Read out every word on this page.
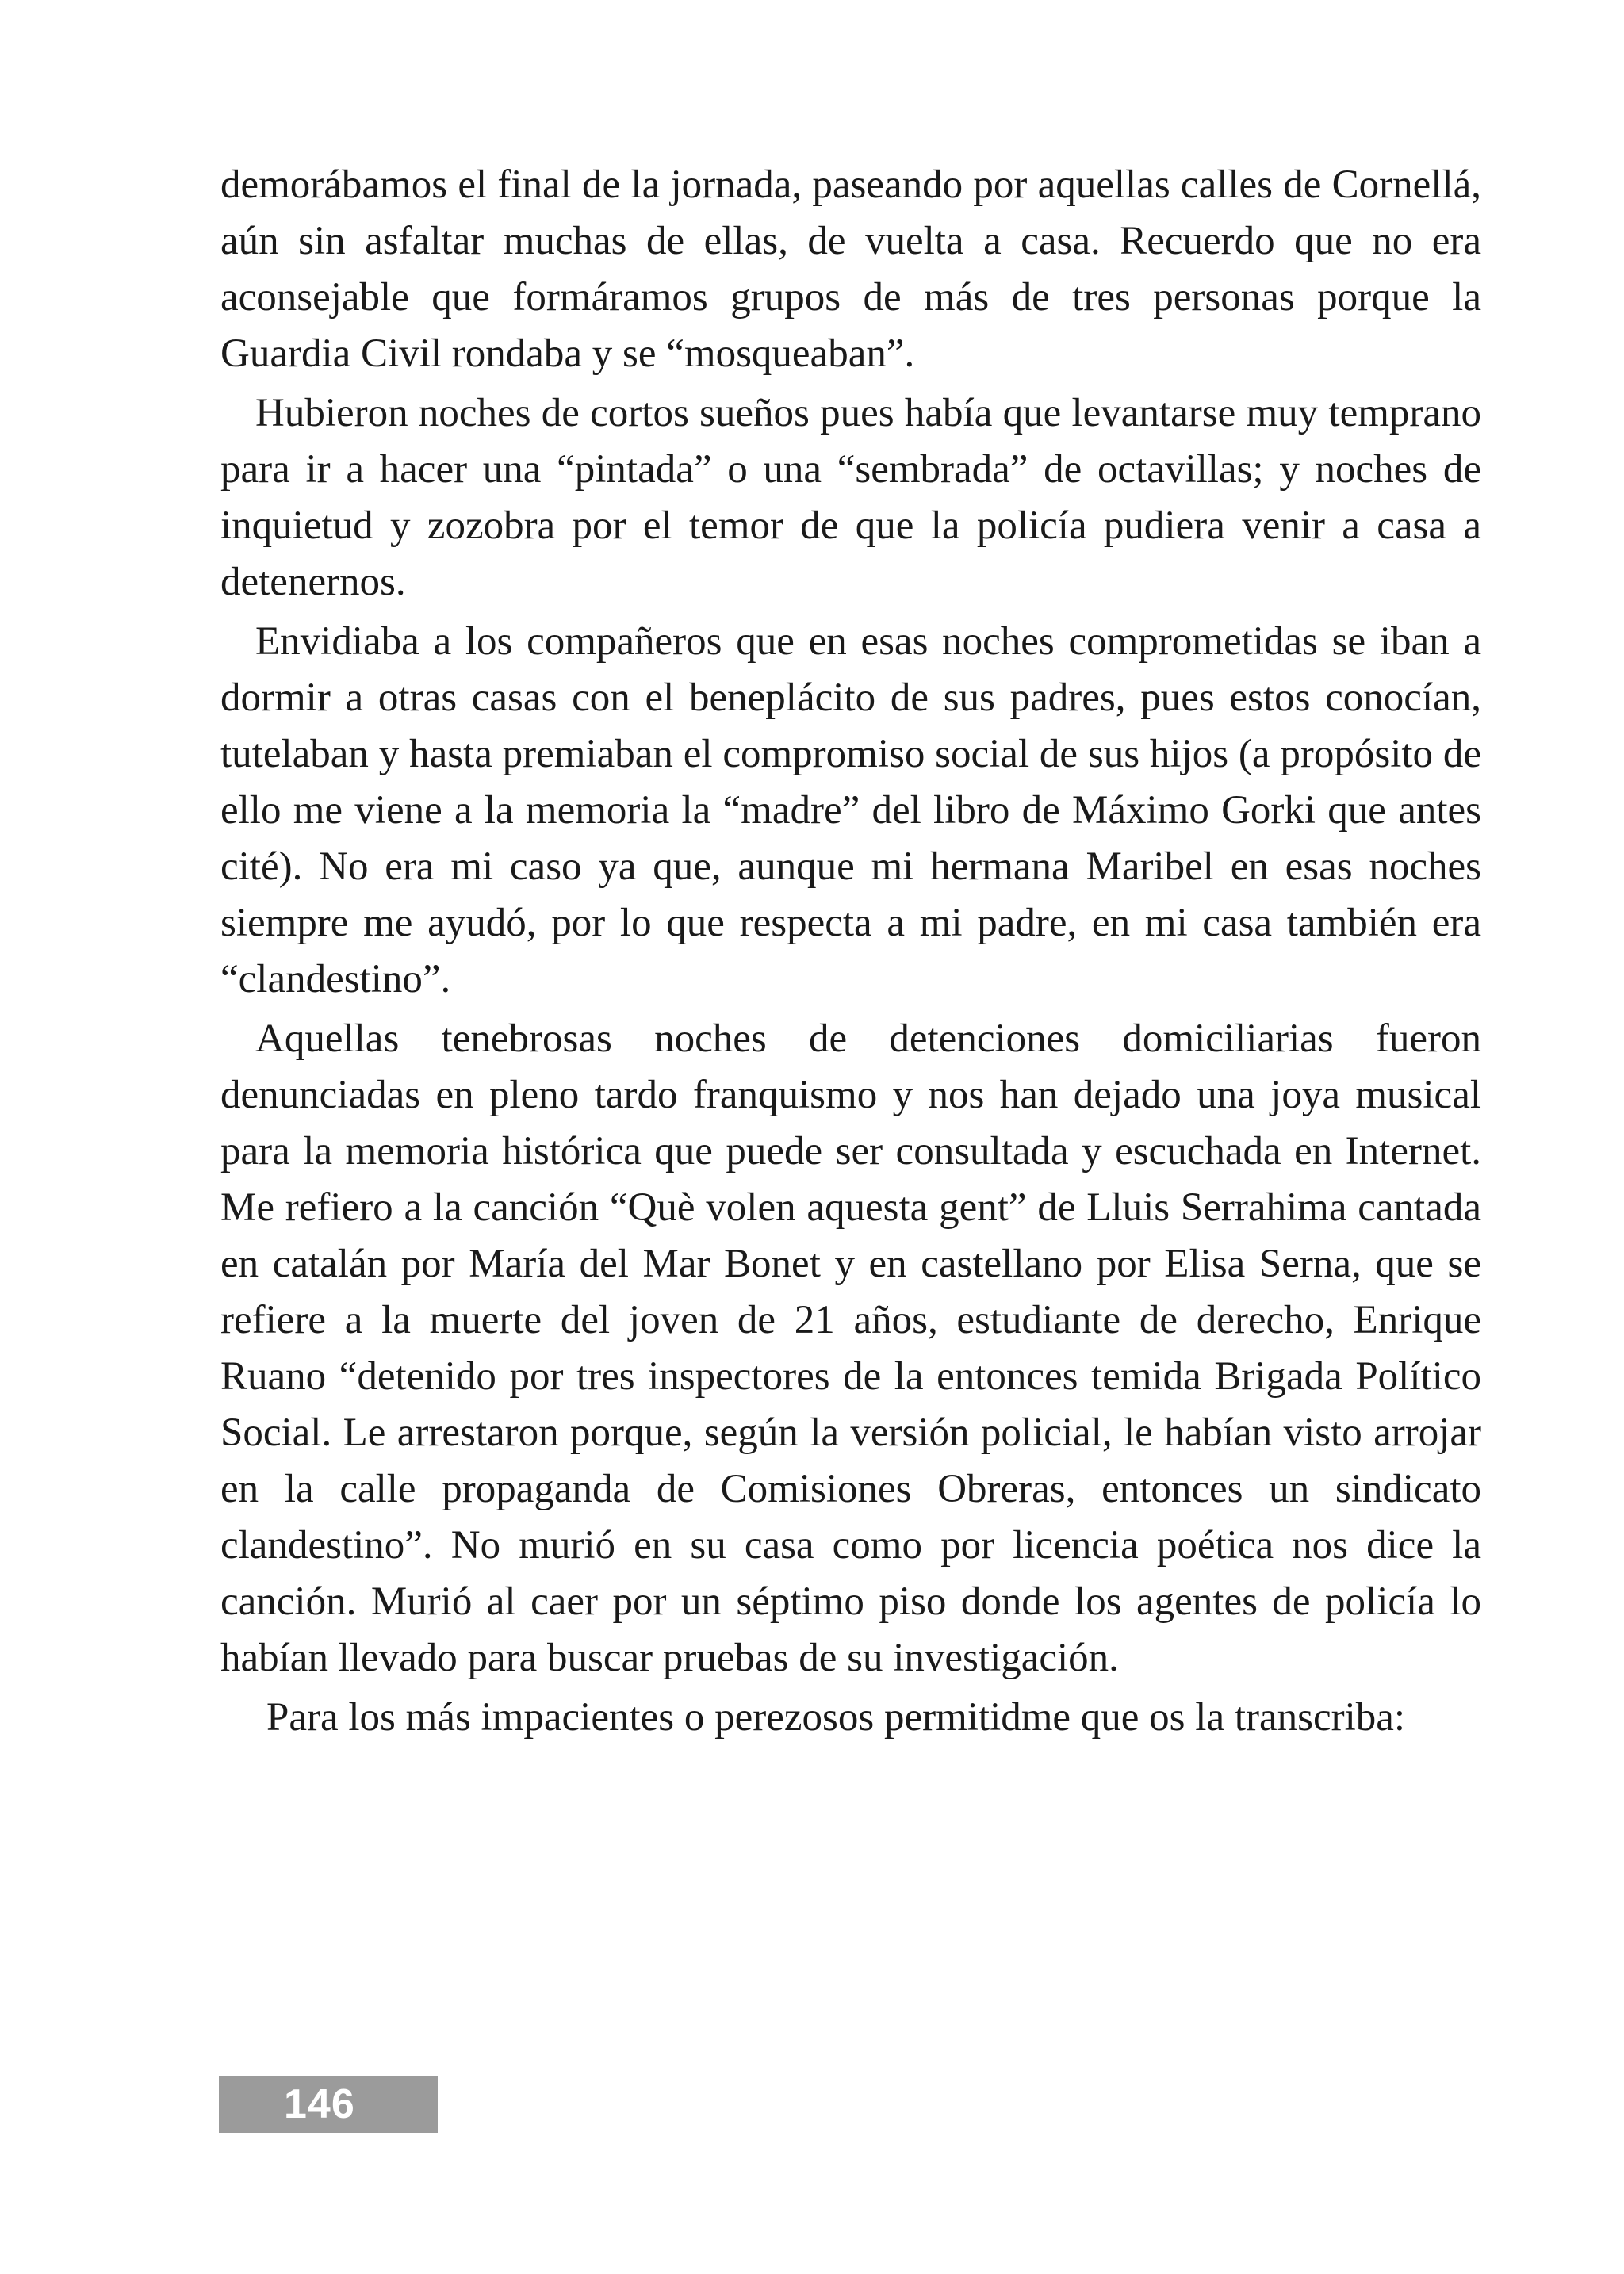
demorábamos el final de la jornada, paseando por aquellas calles de Cornellá, aún sin asfaltar muchas de ellas, de vuelta a casa. Recuerdo que no era aconsejable que formáramos grupos de más de tres personas porque la Guardia Civil rondaba y se “mosqueaban”.

Hubieron noches de cortos sueños pues había que levantarse muy temprano para ir a hacer una “pintada” o una “sembrada” de octavillas; y noches de inquietud y zozobra por el temor de que la policía pudiera venir a casa a detenernos.

Envidiaba a los compañeros que en esas noches comprometidas se iban a dormir a otras casas con el beneplácito de sus padres, pues estos conocían, tutelaban y hasta premiaban el compromiso social de sus hijos (a propósito de ello me viene a la memoria la “madre” del libro de Máximo Gorki que antes cité). No era mi caso ya que, aunque mi hermana Maribel en esas noches siempre me ayudó, por lo que respecta a mi padre, en mi casa también era “clandestino”.

Aquellas tenebrosas noches de detenciones domiciliarias fueron denunciadas en pleno tardo franquismo y nos han dejado una joya musical para la memoria histórica que puede ser consultada y escuchada en Internet. Me refiero a la canción “Què volen aquesta gent” de Lluis Serrahima cantada en catalán por María del Mar Bonet y en castellano por Elisa Serna, que se refiere a la muerte del joven de 21 años, estudiante de derecho, Enrique Ruano “detenido por tres inspectores de la entonces temida Brigada Político Social. Le arrestaron porque, según la versión policial, le habían visto arrojar en la calle propaganda de Comisiones Obreras, entonces un sindicato clandestino”. No murió en su casa como por licencia poética nos dice la canción. Murió al caer por un séptimo piso donde los agentes de policía lo habían llevado para buscar pruebas de su investigación.

Para los más impacientes o perezosos permitidme que os la transcriba:

146
